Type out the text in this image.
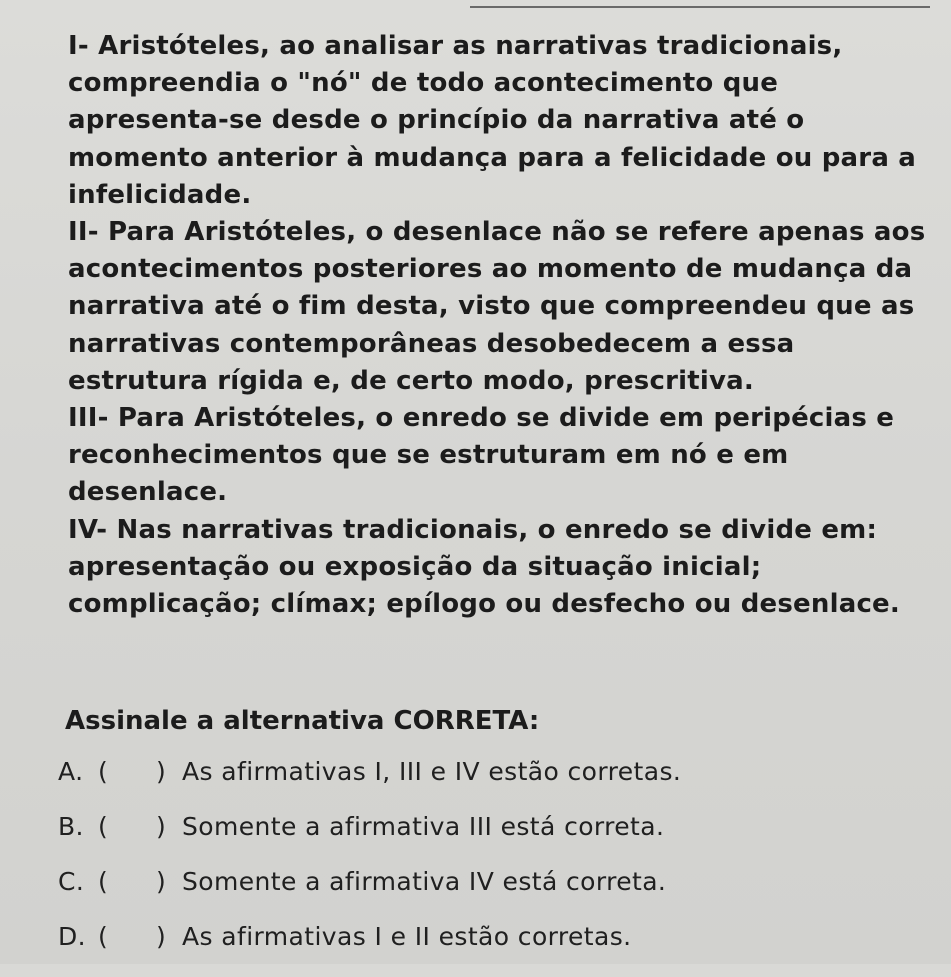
I- Aristóteles, ao analisar as narrativas tradicionais, compreendia o "nó" de todo acontecimento que apresenta-se desde o princípio da narrativa até o momento anterior à mudança para a felicidade ou para a infelicidade.

II- Para Aristóteles, o desenlace não se refere apenas aos acontecimentos posteriores ao momento de mudança da narrativa até o fim desta, visto que compreendeu que as narrativas contemporâneas desobedecem a essa estrutura rígida e, de certo modo, prescritiva.

III- Para Aristóteles, o enredo se divide em peripécias e reconhecimentos que se estruturam em nó e em desenlace.

IV- Nas narrativas tradicionais, o enredo se divide em: apresentação ou exposição da situação inicial; complicação; clímax; epílogo ou desfecho ou desenlace.

Assinale a alternativa CORRETA:

A. ( ) As afirmativas I, III e IV estão corretas.
B. ( ) Somente a afirmativa III está correta.
C. ( ) Somente a afirmativa IV está correta.
D. ( ) As afirmativas I e II estão corretas.
